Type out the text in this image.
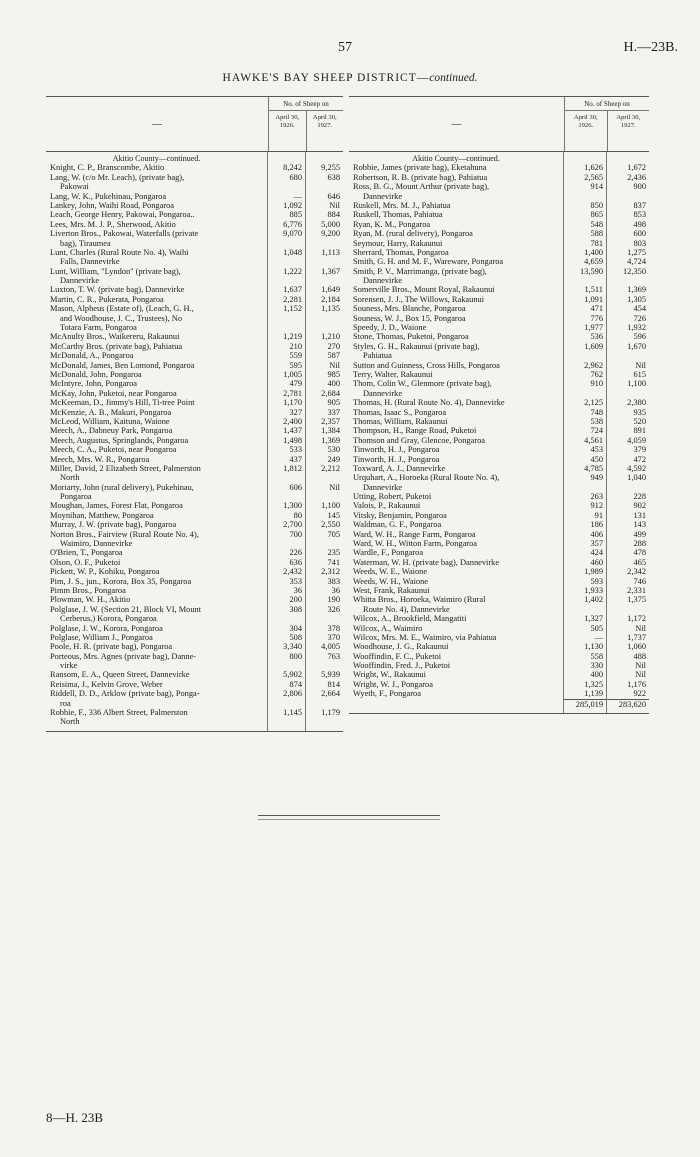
57	H.—23B.
HAWKE'S BAY SHEEP DISTRICT—continued.
—
No. of Sheep on
April 30,
1926.
April 30,
1927.
Akitio County—continued.
Knight, C. P., Branscombe, Akitio
Lang, W. (c/o Mr. Leach), (private bag),
Pakowai
Lang, W. K., Pukehinau, Pongaroa
Lankey, John, Waihi Road, Pongaroa
Leach, George Henry, Pakowai, Pongaroa..
Lees, Mrs. M. J. P., Sherwood, Akitio
Liverton Bros., Pakowai, Waterfalls (private
bag), Tiraumea
Lunt, Charles (Rural Route No. 4), Waihi
Falls, Dannevirke
Lunt, William, "Lyndon" (private bag),
Dannevirke
Luxton, T. W. (private bag), Dannevirke
Martin, C. R., Pukerata, Pongaroa
Mason, Alpheus (Estate of), (Leach, G. H.,
and Woodhouse, J. C., Trustees), No
Totara Farm, Pongaroa
McAnulty Bros., Waikereru, Rakaunui
McCarthy Bros. (private bag), Pahiatua
McDonald, A., Pongaroa
McDonald, James, Ben Lomond, Pongaroa
McDonald, John, Pongaroa
McIntyre, John, Pongaroa
McKay, John, Puketoi, near Pongaroa
McKeeman, D., Jimmy's Hill, Ti-tree Point
McKenzie, A. B., Makuri, Pongaroa
McLeod, William, Kaituna, Waione
Meech, A., Dabneuy Park, Pongaroa
Meech, Augustus, Springlands, Pongaroa
Meech, C. A., Puketoi, near Pongaroa
Meech, Mrs. W. R., Pongaroa
Miller, David, 2 Elizabeth Street, Palmerston
North
Moriarty, John (rural delivery), Pukehinau,
Pongaroa
Moughan, James, Forest Flat, Pongaroa
Moynihan, Matthew, Pongaroa
Murray, J. W. (private bag), Pongaroa
Norton Bros., Fairview (Rural Route No. 4),
Waimiro, Dannevirke
O'Brien, T., Pongaroa
Olson, O. F., Puketoi
Pickett, W. P., Kohiku, Pongaroa
Pim, J. S., jun., Korora, Box 35, Pongaroa
Pimm Bros., Pongaroa
Plowman, W. H., Akitio
Polglase, J. W. (Section 21, Block VI, Mount
Cerberus,) Korora, Pongaroa
Polglase, J. W., Korora, Pongaroa
Polglase, William J., Pongaroa
Poole, H. R. (private bag), Pongaroa
Porteous, Mrs. Agnes (private bag), Danne-
virke
Ransom, E. A., Queen Street, Dannevirke
Reisima, J., Kelvin Grove, Weber
Riddell, D. D., Arklow (private bag), Ponga-
roa
Robbie, F., 336 Albert Street, Palmerston
North
8,242
680
—
1,092
885
6,776
9,070
1,048
1,222
1,637
2,281
1,152
1,219
210
559
595
1,005
479
2,781
1,170
327
2,400
1,437
1,498
533
437
1,812
606
1,300
80
2,700
700
226
636
2,432
353
36
200
308
304
508
3,340
800
5,902
874
2,806
1,145
9,255
638
646
Nil
884
5,000
9,200
1,113
1,367
1,649
2,184
1,135
1,210
270
587
Nil
985
400
2,684
905
337
2,357
1,384
1,369
530
249
2,212
Nil
1,100
145
2,550
705
235
741
2,312
383
36
190
326
378
370
4,005
763
5,939
814
2,664
1,179
—
No. of Sheep on
April 30,
1926.
April 30,
1927.
Akitio County—continued.
Robbie, James (private bag), Eketahuna
Robertson, R. B. (private bag), Pahiatua
Ross, B. G., Mount Arthur (private bag),
Dannevirke
Ruskell, Mrs. M. J., Pahiatua
Ruskell, Thomas, Pahiatua
Ryan, K. M., Pongaroa
Ryan, M. (rural delivery), Pongaroa
Seymour, Harry, Rakaunui
Sherrard, Thomas, Pongaroa
Smith, G. H. and M. F., Wareware, Pongaroa
Smith, P. V., Marrimanga, (private bag),
Dannevirke
Somerville Bros., Mount Royal, Rakaunui
Sorensen, J. J., The Willows, Rakaunui
Souness, Mrs. Blanche, Pongaroa
Souness, W. J., Box 15, Pongaroa
Speedy, J. D., Waione
Stone, Thomas, Puketoi, Pongaroa
Styles, G. H., Rakaunui (private bag),
Pahiatua
Sutton and Guinness, Cross Hills, Pongaroa
Terry, Walter, Rakaunui
Thom, Colin W., Glenmore (private bag),
Dannevirke
Thomas, H. (Rural Route No. 4), Dannevirke
Thomas, Isaac S., Pongaroa
Thomas, William, Rakaunui
Thompson, H., Range Road, Puketoi
Thomson and Gray, Glencoe, Pongaroa
Tinworth, H. J., Pongaroa
Tinworth, H. J., Pongaroa
Toxward, A. J., Dannevirke
Urquhart, A., Horoeka (Rural Route No. 4),
Dannevirke
Utting, Robert, Puketoi
Valois, P., Rakaunui
Vitsky, Benjamin, Pongaroa
Waldman, G. F., Pongaroa
Ward, W. H., Range Farm, Pongaroa
Ward, W. H., Witton Farm, Pongaroa
Wardle, F., Pongaroa
Waterman, W. H. (private bag), Dannevirke
Weeds, W. E., Waione
Weeds, W. H., Waione
West, Frank, Rakaunui
Whitta Bros., Horoeka, Waimiro (Rural
Route No. 4), Dannevirke
Wilcox, A., Brookfield, Mangatiti
Wilcox, A., Waimiro
Wilcox, Mrs. M. E., Waimiro, via Pahiatua
Woodhouse, J. G., Rakaunui
Wooffindin, F. C., Puketoi
Wooffindin, Fred. J., Puketoi
Wright, W., Rakaunui
Wright, W. J., Pongaroa
Wyeth, F., Pongaroa
1,626
2,565
914
850
865
548
588
781
1,400
4,659
13,590
1,511
1,091
471
776
1,977
536
1,609
2,962
762
910
2,125
748
538
724
4,561
453
450
4,785
949
263
912
91
186
406
357
424
460
1,989
593
1,933
1,402
1,327
505
—
1,130
558
330
400
1,325
1,139
285,019
1,672
2,436
900
837
853
498
600
803
1,275
4,724
12,350
1,369
1,305
454
726
1,932
596
1,670
Nil
615
1,100
2,380
935
520
891
4,059
379
472
4,592
1,040
228
902
131
143
499
288
478
465
2,342
746
2,331
1,375
1,172
Nil
1,737
1,060
488
Nil
Nil
1,176
922
283,620
8—H. 23B
